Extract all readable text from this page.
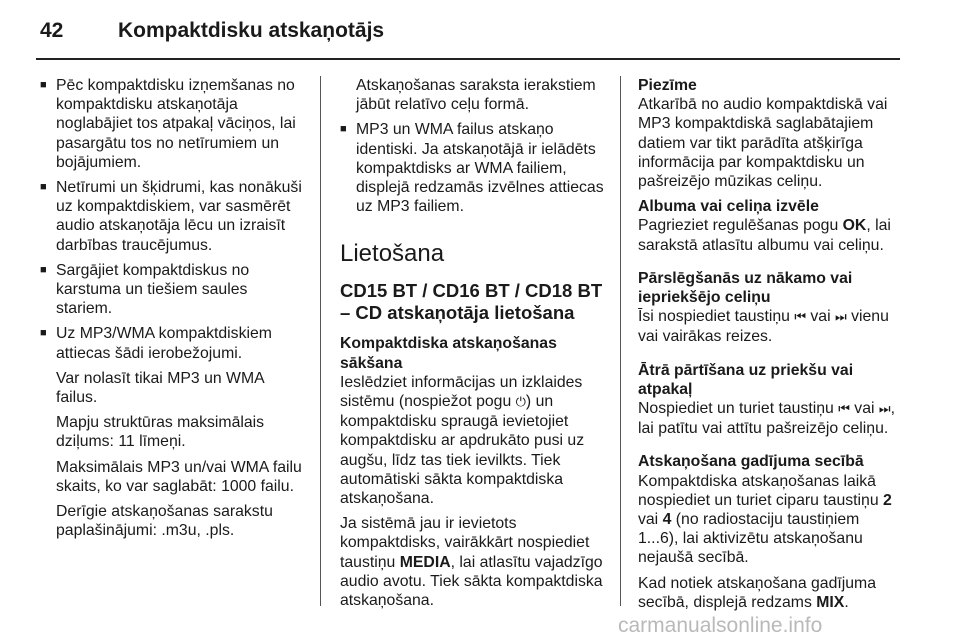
42	Kompaktdisku atskaņotājs
■ Pēc kompaktdisku izņemšanas no kompaktdisku atskaņotāja noglabājiet tos atpakaļ vāciņos, lai pasargātu tos no netīrumiem un bojājumiem.
■ Netīrumi un šķidrumi, kas nonākuši uz kompaktdiskiem, var sasmērēt audio atskaņotāja lēcu un izraisīt darbības traucējumus.
■ Sargājiet kompaktdiskus no karstuma un tiešiem saules stariem.
■ Uz MP3/WMA kompaktdiskiem attiecas šādi ierobežojumi.
Var nolasīt tikai MP3 un WMA failus.
Mapju struktūras maksimālais dziļums: 11 līmeņi.
Maksimālais MP3 un/vai WMA failu skaits, ko var saglabāt: 1000 failu.
Derīgie atskaņošanas sarakstu paplašinājumi: .m3u, .pls.
Atskaņošanas saraksta ierakstiem jābūt relatīvo ceļu formā.
■ MP3 un WMA failus atskaņo identiski. Ja atskaņotājā ir ielādēts kompaktdisks ar WMA failiem, displejā redzamās izvēlnes attiecas uz MP3 failiem.
Lietošana
CD15 BT / CD16 BT / CD18 BT – CD atskaņotāja lietošana
Kompaktdiska atskaņošanas sākšana

Ieslēdziet informācijas un izklaides sistēmu (nospiežot pogu ⏻ ) un kompaktdisku spraugā ievietojiet kompaktdisku ar apdrukāto pusi uz augšu, līdz tas tiek ievilkts. Tiek automātiski sākta kompaktdiska atskaņošana.

Ja sistēmā jau ir ievietots kompaktdisks, vairākkārt nospiediet taustiņu MEDIA, lai atlasītu vajadzīgo audio avotu. Tiek sākta kompaktdiska atskaņošana.

Piezīme

Atkarībā no audio kompaktdiskā vai MP3 kompaktdiskā saglabātajiem datiem var tikt parādīta atšķirīga informācija par kompaktdisku un pašreizējo mūzikas celiņu.

Albuma vai celiņa izvēle

Pagrieziet regulēšanas pogu OK, lai sarakstā atlasītu albumu vai celiņu.

Pārslēgšanās uz nākamo vai iepriekšējo celiņu

Īsi nospiediet taustiņu ⏮ vai ⏭ vienu vai vairākas reizes.

Ātrā pārtīšana uz priekšu vai atpakaļ

Nospiediet un turiet taustiņu ⏮ vai ⏭ , lai patītu vai attītu pašreizējo celiņu.

Atskaņošana gadījuma secībā

Kompaktdiska atskaņošanas laikā nospiediet un turiet ciparu taustiņu 2 vai 4 (no radiostaciju taustiņiem 1...6), lai aktivizētu atskaņošanu nejaušā secībā.

Kad notiek atskaņošana gadījuma secībā, displejā redzams MIX.

carmanualsonline.info
